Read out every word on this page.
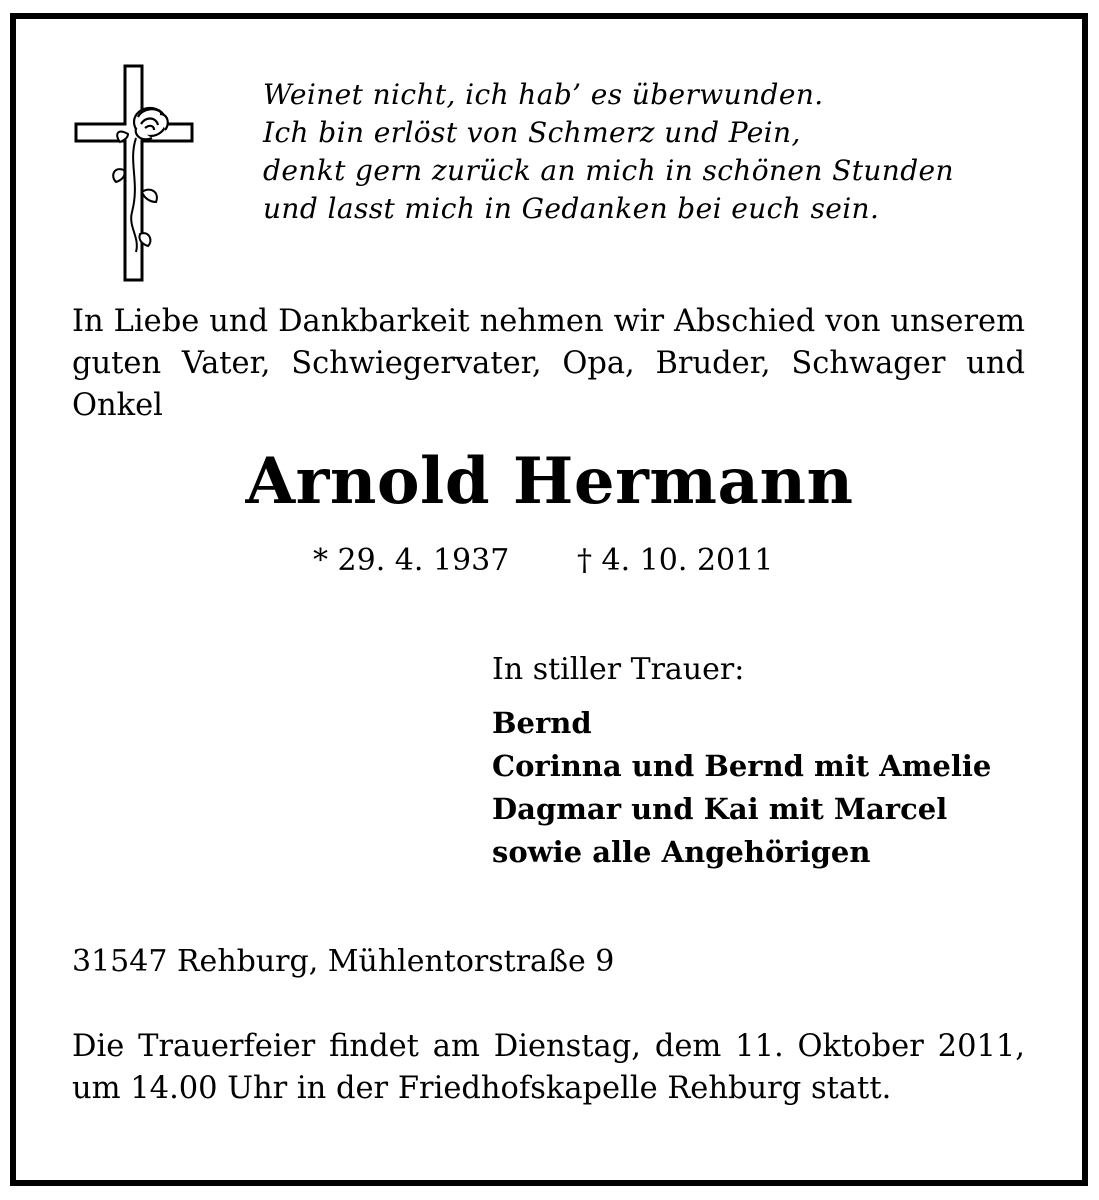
Weinet nicht, ich hab’ es überwunden.
Ich bin erlöst von Schmerz und Pein,
denkt gern zurück an mich in schönen Stunden
und lasst mich in Gedanken bei euch sein.
In Liebe und Dankbarkeit nehmen wir Abschied von unserem guten Vater, Schwiegervater, Opa, Bruder, Schwager und Onkel
Arnold Hermann
* 29. 4. 1937 † 4. 10. 2011
In stiller Trauer:
Bernd
Corinna und Bernd mit Amelie
Dagmar und Kai mit Marcel
sowie alle Angehörigen
31547 Rehburg, Mühlentorstraße 9
Die Trauerfeier findet am Dienstag, dem 11. Oktober 2011, um 14.00 Uhr in der Friedhofskapelle Rehburg statt.
